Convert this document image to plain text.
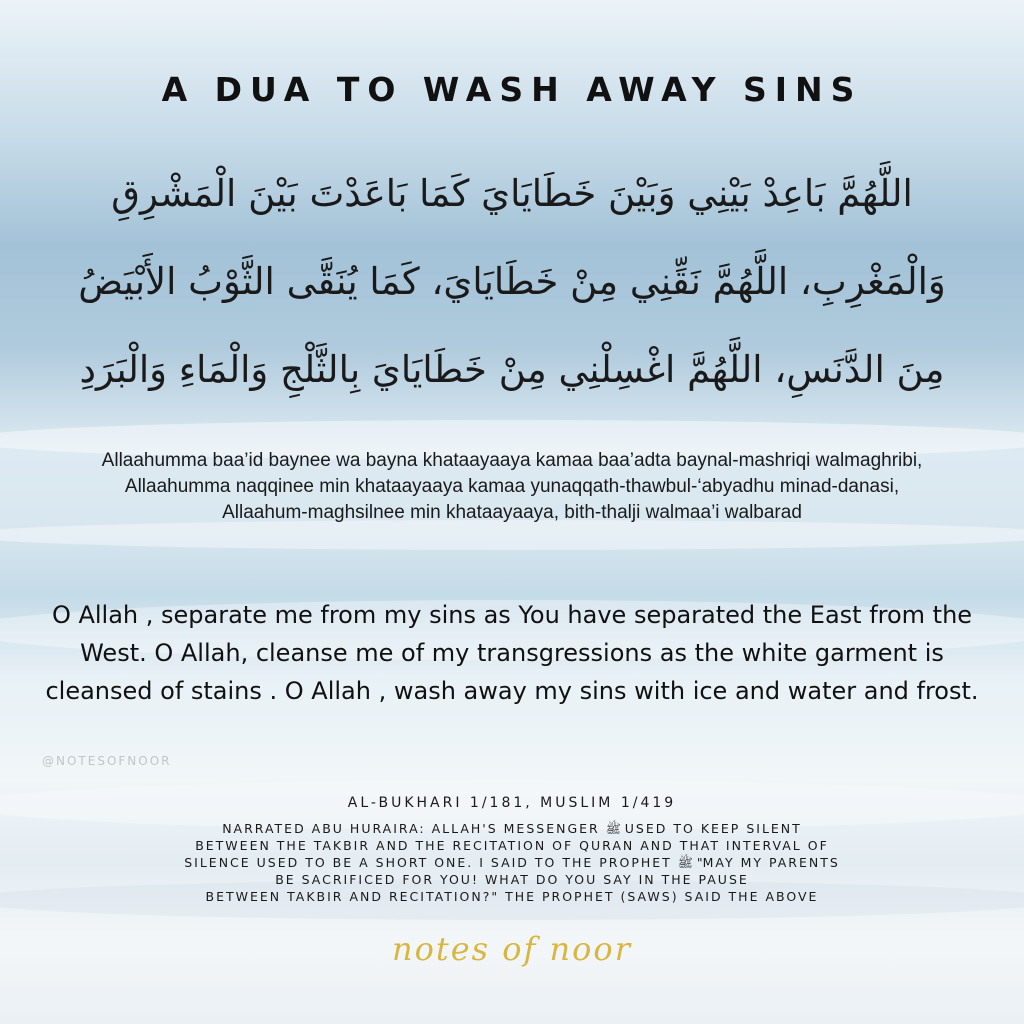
A DUA TO WASH AWAY SINS
اللَّهُمَّ بَاعِدْ بَيْنِي وَبَيْنَ خَطَايَايَ كَمَا بَاعَدْتَ بَيْنَ الْمَشْرِقِ
وَالْمَغْرِبِ، اللَّهُمَّ نَقِّنِي مِنْ خَطَايَايَ، كَمَا يُنَقَّى الثَّوْبُ الأَبْيَضُ
مِنَ الدَّنَسِ، اللَّهُمَّ اغْسِلْنِي مِنْ خَطَايَايَ بِالثَّلْجِ وَالْمَاءِ وَالْبَرَدِ
Allaahumma baa’id baynee wa bayna khataayaaya kamaa baa’adta baynal-mashriqi walmaghribi, Allaahumma naqqinee min khataayaaya kamaa yunaqqath-thawbul-‘abyadhu minad-danasi, Allaahum-maghsilnee min khataayaaya, bith-thalji walmaa’i walbarad
O Allah , separate me from my sins as You have separated the East from the West. O Allah, cleanse me of my transgressions as the white garment is cleansed of stains . O Allah , wash away my sins with ice and water and frost.
@NOTESOFNOOR
AL-BUKHARI 1/181, MUSLIM 1/419
NARRATED ABU HURAIRA: ALLAH'S MESSENGER ﷺ USED TO KEEP SILENT
BETWEEN THE TAKBIR AND THE RECITATION OF QURAN AND THAT INTERVAL OF
SILENCE USED TO BE A SHORT ONE. I SAID TO THE PROPHET ﷺ "MAY MY PARENTS
BE SACRIFICED FOR YOU! WHAT DO YOU SAY IN THE PAUSE
BETWEEN TAKBIR AND RECITATION?" THE PROPHET (SAWS) SAID THE ABOVE
notes of noor
